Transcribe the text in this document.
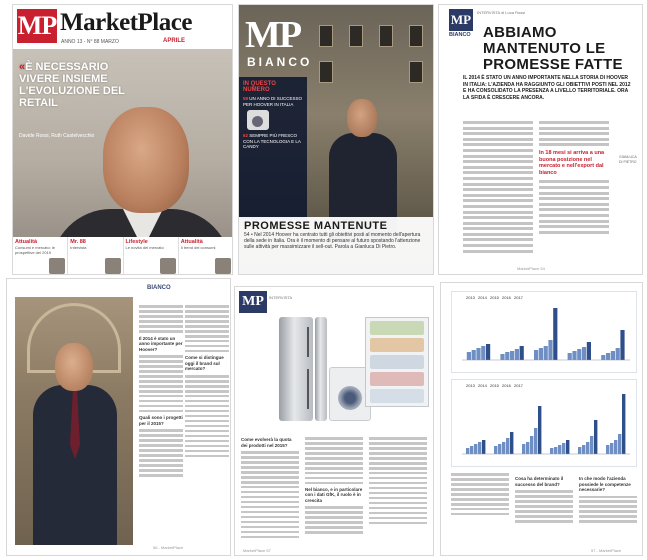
MP MarketPlace
ANNO 13 - N° 88 MARZO	APRILE
«È NECESSARIO VIVERE INSIEME L'EVOLUZIONE DEL RETAIL
Davide Rossi, Ruth Castelvecchio
Attualità
Consumi e mercato: le prospettive del 2019
Mr. 88
Intervista
Lifestyle
Le novità del mercato
Attualità
Il trend dei consumi
MP
BIANCO
IN QUESTO NUMERO
58 UN ANNO DI SUCCESSO PER HOOVER IN ITALIA
62 SEMPRE PIÙ FRESCO CON LA TECNOLOGIA E LA CANDY
PROMESSE MANTENUTE
54 • Nel 2014 Hoover ha centrato tutti gli obiettivi posti al momento dell'apertura della sede in Italia. Ora è il momento di pensare al futuro spostando l'attenzione sulle attività per massimizzare il sell-out. Parola a Gianluca Di Pietro.
MP
BIANCO
INTERVISTA di Luca Rossi
ABBIAMO MANTENUTO LE PROMESSE FATTE
IL 2014 È STATO UN ANNO IMPORTANTE NELLA STORIA DI HOOVER IN ITALIA: L'AZIENDA HA RAGGIUNTO GLI OBIETTIVI POSTI NEL 2012 E HA CONSOLIDATO LA PRESENZA A LIVELLO TERRITORIALE. ORA LA SFIDA È CRESCERE ANCORA.
In 18 mesi si arriva a una buona posizione nel mercato e nell'export dal bianco
GIANLUCA DI PIETRO
MarketPlace 54
BIANCO
Il 2014 è stato un anno importante per Hoover?
Quali sono i progetti per il 2015?
Come si distingue oggi il brand sul mercato?
56 - MarketPlace
MP	INTERVISTA
Come evolverà la quota dei prodotti nel 2015?
Nel bianco, e in particolare con i dati GfK, il ruolo è in crescita
MarketPlace 57
2013 2014 2015 2016 2017
2013 2014 2015 2016 2017
Cosa ha determinato il successo del brand?
In che modo l'azienda possiede le competenze necessarie?
57 - MarketPlace
